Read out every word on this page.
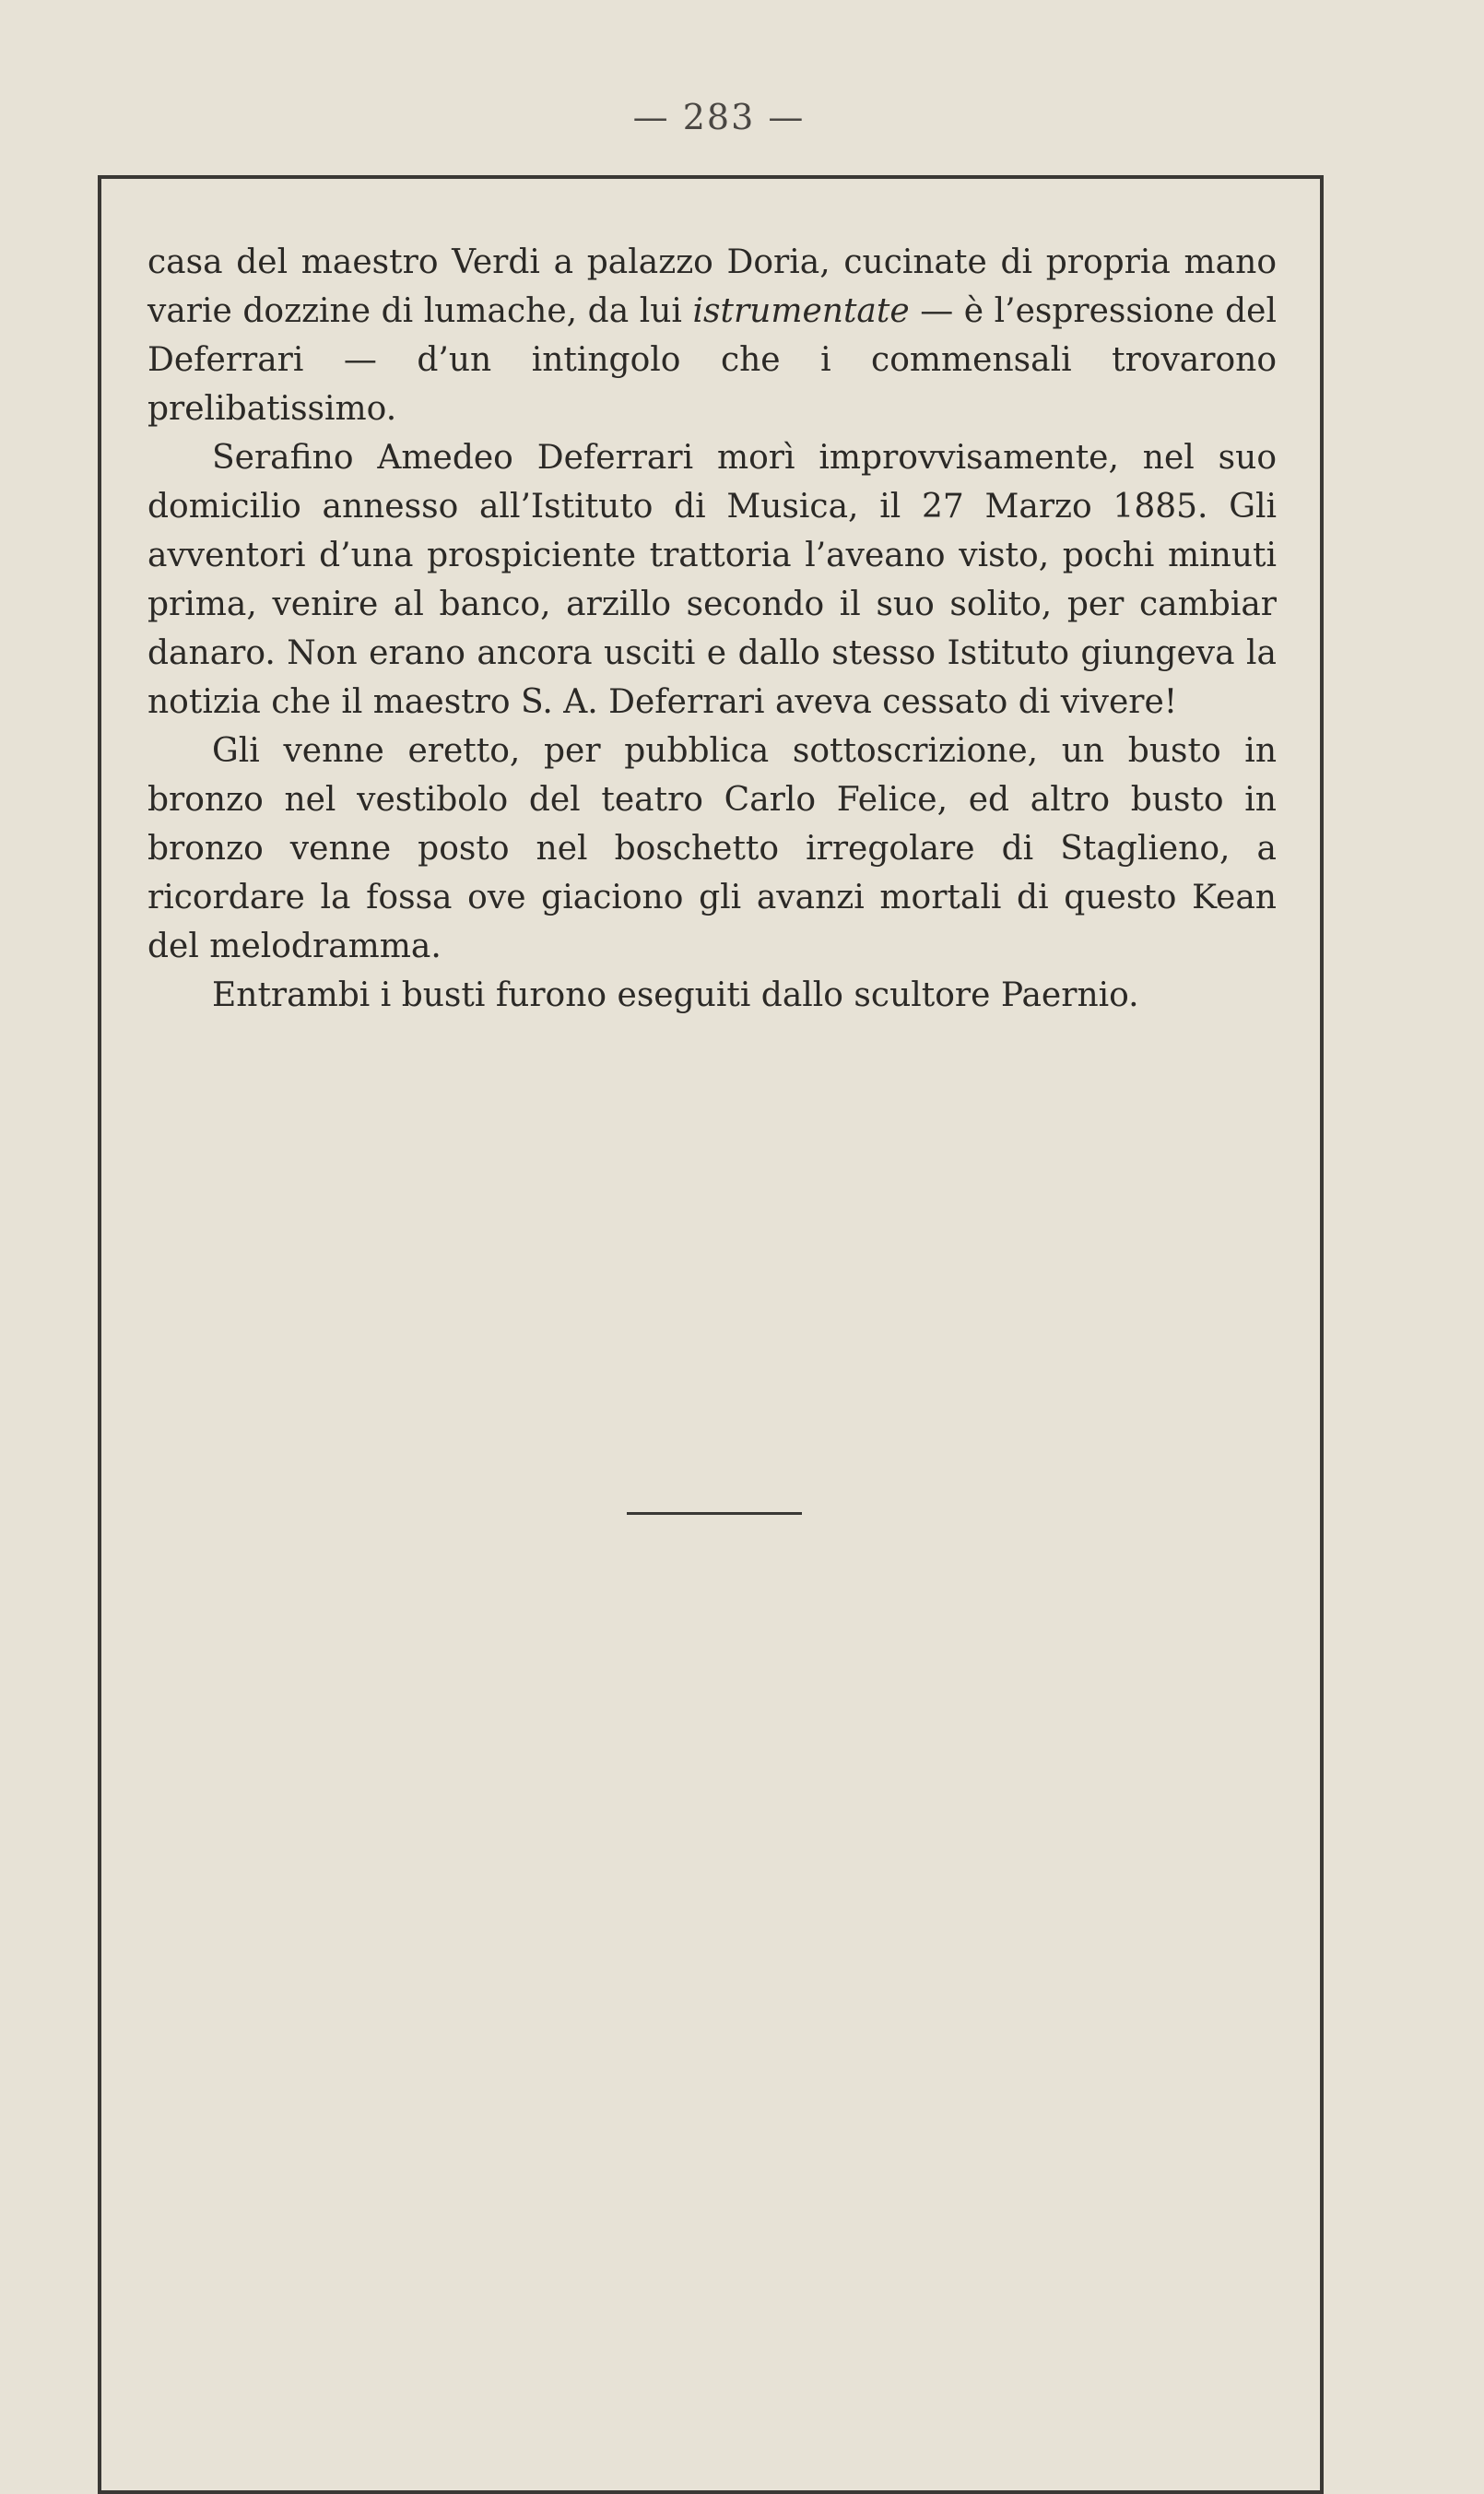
— 283 —

casa del maestro Verdi a palazzo Doria, cucinate di propria mano varie dozzine di lumache, da lui istrumentate — è l’espressione del Deferrari — d’un intingolo che i commensali trovarono prelibatissimo.

Serafino Amedeo Deferrari morì improvvisamente, nel suo domicilio annesso all’Istituto di Musica, il 27 Marzo 1885. Gli avventori d’una prospiciente trattoria l’aveano visto, pochi minuti prima, venire al banco, arzillo secondo il suo solito, per cambiar danaro. Non erano ancora usciti e dallo stesso Istituto giungeva la notizia che il maestro S. A. Deferrari aveva cessato di vivere!

Gli venne eretto, per pubblica sottoscrizione, un busto in bronzo nel vestibolo del teatro Carlo Felice, ed altro busto in bronzo venne posto nel boschetto irregolare di Staglieno, a ricordare la fossa ove giaciono gli avanzi mortali di questo Kean del melodramma.

Entrambi i busti furono eseguiti dallo scultore Paernio.
